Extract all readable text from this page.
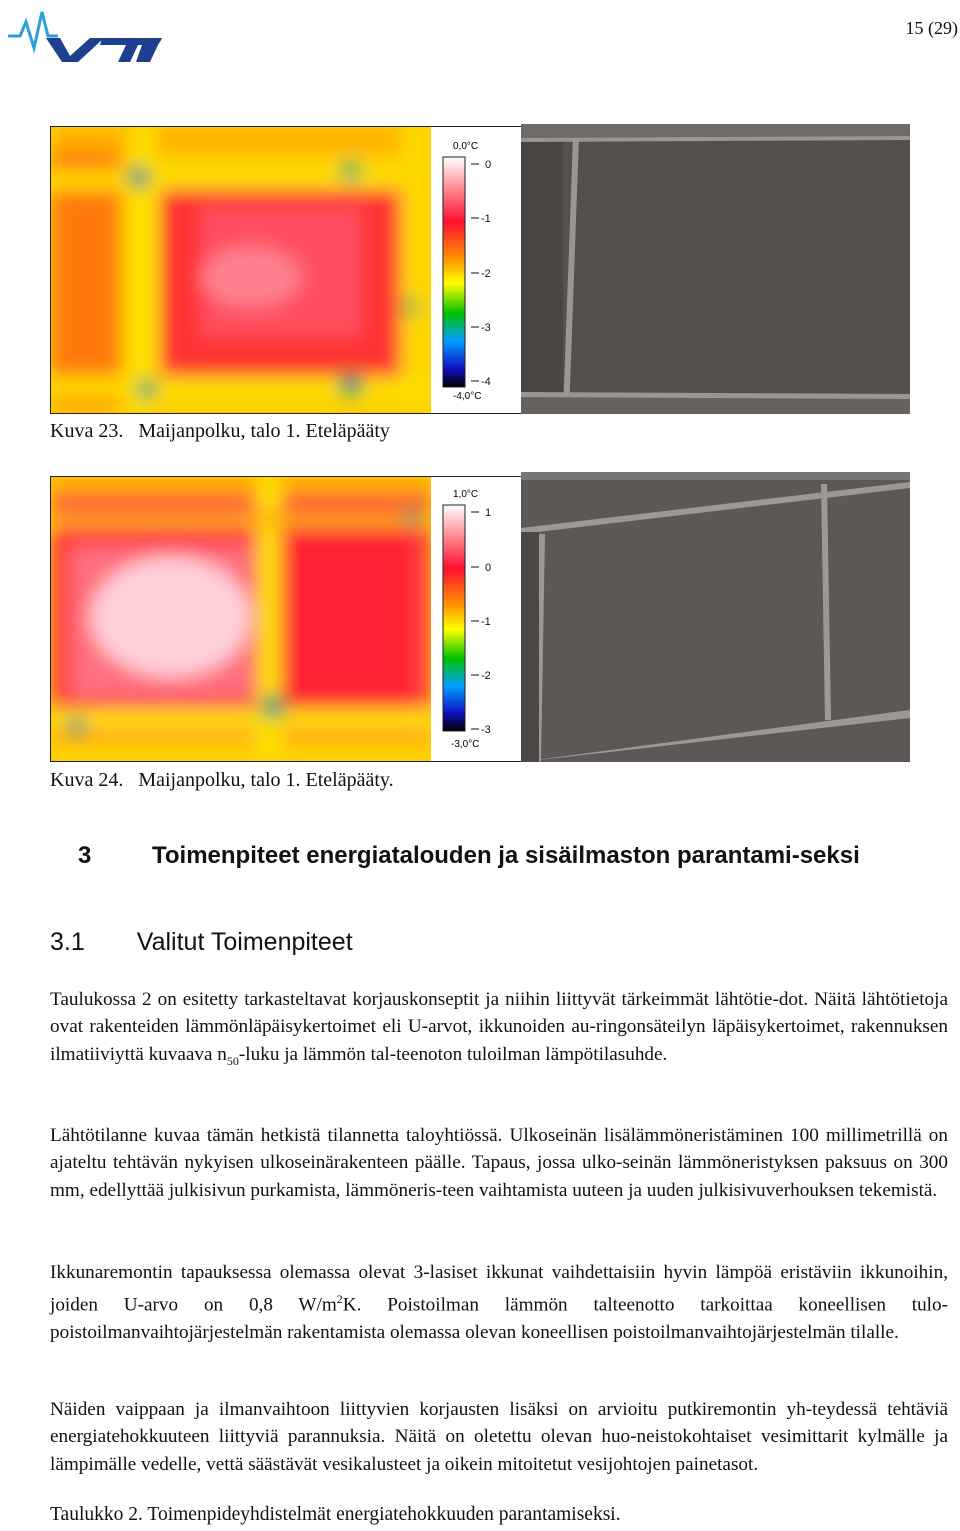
15 (29)
0,0°C
-4,0°C
0
-1
-2
-3
-4
Kuva 23. Maijanpolku, talo 1. Eteläpääty
1,0°C
-3,0°C
1
0
-1
-2
-3
Kuva 24. Maijanpolku, talo 1. Eteläpääty.
3	Toimenpiteet energiatalouden ja sisäilmaston parantami-seksi
3.1 Valitut Toimenpiteet

Taulukossa 2 on esitetty tarkasteltavat korjauskonseptit ja niihin liittyvät tärkeimmät lähtötie-dot. Näitä lähtötietoja ovat rakenteiden lämmönläpäisykertoimet eli U-arvot, ikkunoiden au-ringonsäteilyn läpäisykertoimet, rakennuksen ilmatiiviyttä kuvaava $n_{50}$-luku ja lämmön tal-teenoton tuloilman lämpötilasuhde.

Lähtötilanne kuvaa tämän hetkistä tilannetta taloyhtiössä. Ulkoseinän lisälämmöneristäminen 100 millimetrillä on ajateltu tehtävän nykyisen ulkoseinärakenteen päälle. Tapaus, jossa ulko-seinän lämmöneristyksen paksuus on 300 mm, edellyttää julkisivun purkamista, lämmöneris-teen vaihtamista uuteen ja uuden julkisivuverhouksen tekemistä.

Ikkunaremontin tapauksessa olemassa olevat 3-lasiset ikkunat vaihdettaisiin hyvin lämpöä eristäviin ikkunoihin, joiden U-arvo on 0,8 $W/m^2K$. Poistoilman lämmön talteenotto tarkoittaa koneellisen tulo-poistoilmanvaihtojärjestelmän rakentamista olemassa olevan koneellisen poistoilmanvaihtojärjestelmän tilalle.

Näiden vaippaan ja ilmanvaihtoon liittyvien korjausten lisäksi on arvioitu putkiremontin yh-teydessä tehtäviä energiatehokkuuteen liittyviä parannuksia. Näitä on oletettu olevan huo-neistokohtaiset vesimittarit kylmälle ja lämpimälle vedelle, vettä säästävät vesikalusteet ja oikein mitoitetut vesijohtojen painetasot.

Taulukko 2. Toimenpideyhdistelmät energiatehokkuuden parantamiseksi.
